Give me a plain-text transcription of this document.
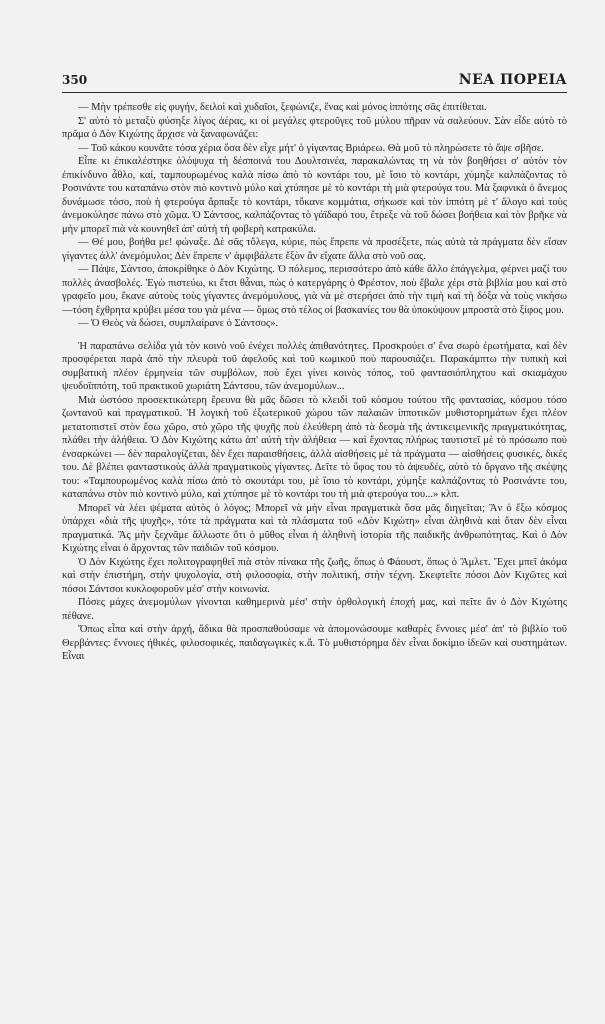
350	ΝΕΑ ΠΟΡΕΙΑ

— Μὴν τρέπεσθε εἰς φυγήν, δειλοὶ καὶ χυδαῖοι, ξεφώνιζε, ἕνας καὶ μόνος ἱππότης σᾶς ἐπιτίθεται.

Σ' αὐτὸ τὸ μεταξὺ φύσηξε λίγος ἀέρας, κι οἱ μεγάλες φτεροῦγες τοῦ μύλου πῆραν νὰ σαλεύουν. Σὰν εἶδε αὐτὸ τὸ πρᾶμα ὁ Δὸν Κιχώτης ἄρχισε νὰ ξαναφωνάζει:

— Τοῦ κάκου κουνᾶτε τόσα χέρια ὅσα δὲν εἶχε μήτ' ὁ γίγαντας Βριάρεω. Θὰ μοῦ τὸ πληρώσετε τὸ ἄψε σβῆσε.

Εἶπε κι ἐπικαλέστηκε ὁλόψυχα τὴ δέσποινά του Δουλτσινέα, παρακαλώντας τη νὰ τὸν βοηθήσει σ' αὐτὸν τὸν ἐπικίνδυνο ἆθλο, καί, ταμπουρωμένος καλὰ πίσω ἀπὸ τὸ κοντάρι του, μὲ ἴσιο τὸ κοντάρι, χύμηξε καλπάζοντας τὸ Ροσινάντε του καταπάνω στὸν πιὸ κοντινὸ μύλο καὶ χτύπησε μὲ τὸ κοντάρι τὴ μιὰ φτερούγα του. Μὰ ξαφνικὰ ὁ ἄνεμος δυνάμωσε τόσο, ποὺ ἡ φτερούγα ἅρπαξε τὸ κοντάρι, τὄκανε κομμάτια, σήκωσε καὶ τὸν ἱππότη μὲ τ' ἄλογο καὶ τοὺς ἀνεμοκύλησε πάνω στὸ χῶμα. Ὁ Σάντσος, καλπάζοντας τὸ γάϊδαρό του, ἔτρεξε νὰ τοῦ δώσει βοήθεια καὶ τὸν βρῆκε νὰ μὴν μπορεῖ πιὰ νὰ κουνηθεῖ ἀπ' αὐτὴ τὴ φοβερὴ κατρακύλα.

— Θέ μου, βοήθα με! φώναξε. Δὲ σᾶς τὄλεγα, κύριε, πὼς ἔπρεπε νὰ προσέξετε, πὼς αὐτὰ τὰ πράγματα δὲν εἴσαν γίγαντες ἀλλ' ἀνεμόμυλοι; Δὲν ἔπρεπε ν' ἀμφιβάλετε ἔξὸν ἂν εἴχατε ἄλλα στὸ νοῦ σας.

— Πάψε, Σάντσο, ἀποκρίθηκε ὁ Δὸν Κιχώτης. Ὁ πόλεμος, περισσότερο ἀπὸ κάθε ἄλλο ἐπάγγελμα, φέρνει μαζί του πολλὲς ἀνασβολές. Ἐγὼ πιστεύω, κι ἔτσι θἆναι, πὼς ὁ κατεργάρης ὁ Φρέστον, ποὺ ἔβαλε χέρι στὰ βιβλία μου καὶ στὸ γραφεῖο μου, ἔκανε αὐτοὺς τοὺς γίγαντες ἀνεμόμυλους, γιὰ νὰ μὲ στερήσει ἀπὸ τὴν τιμὴ καὶ τὴ δόξα νὰ τοὺς νικήσω —τόση ἔχθρητα κρύβει μέσα του γιὰ μένα — ὅμως στὸ τέλος οἱ βασκανίες του θὰ ὑποκύψουν μπροστὰ στὸ ξίφος μου.

— Ὁ Θεὸς νὰ δώσει, συμπλαίρανε ὁ Σάντσος».

Ἡ παραπάνω σελίδα γιὰ τὸν κοινὸ νοῦ ἐνέχει πολλὲς ἀπιθανότητες. Προσκρούει σ' ἕνα σωρὸ ἐρωτήματα, καὶ δὲν προσφέρεται παρὰ ἀπὸ τὴν πλευρὰ τοῦ ἀφελοῦς καὶ τοῦ κωμικοῦ ποὺ παρουσιάζει. Παρακάμπτω τὴν τυπικὴ καὶ συμβατικὴ πλέον ἑρμηνεία τῶν συμβόλων, ποὺ ἔχει γίνει κοινὸς τόπος, τοῦ φαντασιόπληχτου καὶ σκιαμάχου ψευδοϊππότη, τοῦ πρακτικοῦ χωριάτη Σάντσου, τῶν ἀνεμομύλων...

Μιὰ ὡστόσο προσεκτικώτερη ἔρευνα θὰ μᾶς δῶσει τὸ κλειδὶ τοῦ κόσμου τούτου τῆς φαντασίας, κόσμου τόσο ζωντανοῦ καὶ πραγματικοῦ. Ἡ λογικὴ τοῦ ἐξωτερικοῦ χώρου τῶν παλαιῶν ἱπποτικῶν μυθιστορημάτων ἔχει πλέον μετατοπιστεῖ στὸν ἔσω χῶρο, στὸ χῶρο τῆς ψυχῆς ποὺ ἐλεύθερη ἀπὸ τὰ δεσμὰ τῆς ἀντικειμενικῆς πραγματικότητας, πλάθει τὴν ἀλήθεια. Ὁ Δὸν Κιχώτης κάτω ἀπ' αὐτὴ τὴν ἀλήθεια — καὶ ἔχοντας πλήρως ταυτιστεῖ μὲ τὸ πρόσωπο ποὺ ἐνσαρκώνει — δὲν παραλογίζεται, δὲν ἔχει παραισθήσεις, ἀλλὰ αἰσθήσεις μὲ τὰ πράγματα — αἰσθήσεις φυσικές, δικές του. Δὲ βλέπει φανταστικοὺς ἀλλὰ πραγματικοὺς γίγαντες. Δεῖτε τὸ ὕφος του τὸ ἀψευδές, αὐτὸ τὸ ὄργανο τῆς σκέψης του: «Ταμπουρωμένος καλὰ πίσω ἀπὸ τὸ σκουτάρι του, μὲ ἴσιο τὸ κοντάρι, χύμηξε καλπάζοντας τὸ Ροσινάντε του, καταπάνω στὸν πιὸ κοντινὸ μύλο, καὶ χτύπησε μὲ τὸ κοντάρι του τὴ μιὰ φτερούγα του...» κλπ.

Μπορεῖ νὰ λέει ψέματα αὐτὸς ὁ λόγος; Μπορεῖ νὰ μὴν εἶναι πραγματικὰ ὅσα μᾶς διηγεῖται; Ἂν ὁ ἔξω κόσμος ὑπάρχει «διὰ τῆς ψυχῆς», τότε τὰ πράγματα καὶ τὰ πλάσματα τοῦ «Δὸν Κιχώτη» εἶναι ἀληθινὰ καὶ ὅταν δὲν εἶναι πραγματικά. Ἂς μὴν ξεχνᾶμε ἄλλωστε ὅτι ὁ μῦθος εἶναι ἡ ἀληθινὴ ἱστορία τῆς παιδικῆς ἀνθρωπότητας. Καὶ ὁ Δὸν Κιχώτης εἶναι ὁ ἄρχοντας τῶν παιδιῶν τοῦ κόσμου.

Ὁ Δὸν Κιχώτης ἔχει πολιτογραφηθεῖ πιὰ στὸν πίνακα τῆς ζωῆς, ὅπως ὁ Φάουστ, ὅπως ὁ Ἄμλετ. Ἔχει μπεῖ ἀκόμα καὶ στὴν ἐπιστήμη, στὴν ψυχολογία, στὴ φιλοσοφία, στὴν πολιτική, στὴν τέχνη. Σκεφτεῖτε πόσοι Δὸν Κιχῶτες καὶ πόσοι Σάντσοι κυκλοφοροῦν μέσ' στὴν κοινωνία.

Πόσες μάχες ἀνεμομύλων γίνονται καθημερινὰ μέσ' στὴν ὀρθολογικὴ ἐποχή μας, καὶ πεῖτε ἂν ὁ Δὸν Κιχώτης πέθανε.

Ὅπως εἶπα καὶ στὴν ἀρχή, ἄδικα θὰ προσπαθούσαμε νὰ ἀπομονώσουμε καθαρὲς ἔννοιες μέσ' ἀπ' τὸ βιβλίο τοῦ Θερβάντες: ἔννοιες ἠθικές, φιλοσοφικές, παιδαγωγικὲς κ.ἄ. Τὸ μυθιστόρημα δὲν εἶναι δοκίμιο ἰδεῶν καὶ συστημάτων. Εἶναι
